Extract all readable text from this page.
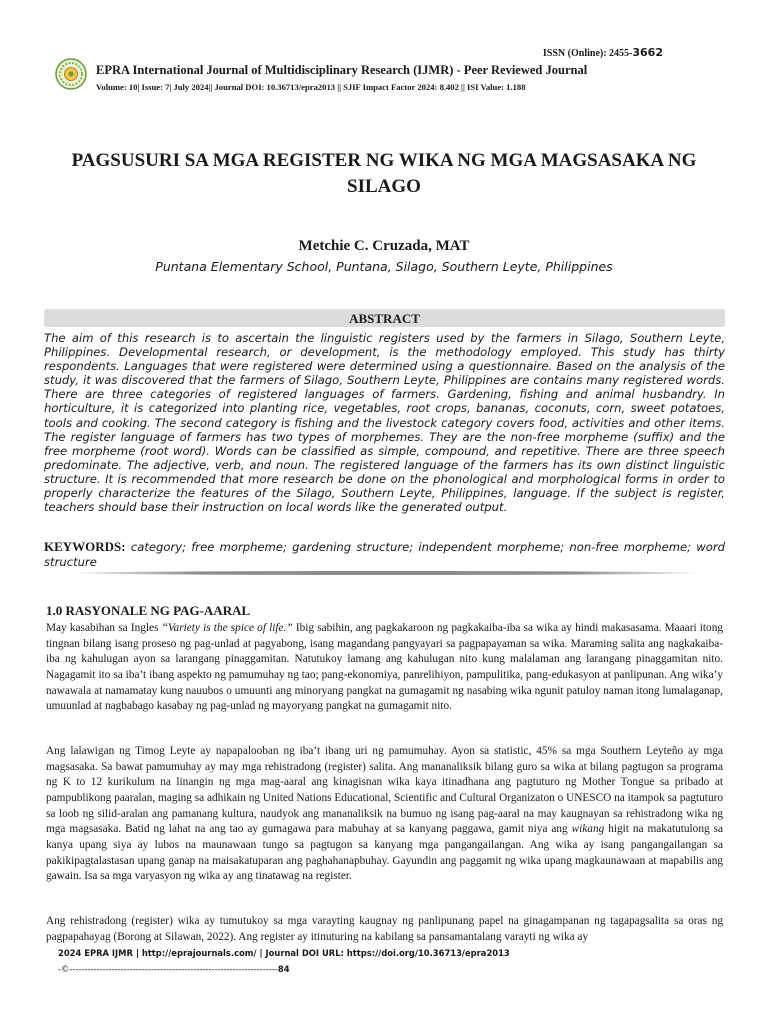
ISSN (Online): 2455-3662
EPRA International Journal of Multidisciplinary Research (IJMR) - Peer Reviewed Journal
Volume: 10| Issue: 7| July 2024|| Journal DOI: 10.36713/epra2013 || SJIF Impact Factor 2024: 8.402 || ISI Value: 1.188
PAGSUSURI SA MGA REGISTER NG WIKA NG MGA MAGSASAKA NG SILAGO
Metchie C. Cruzada, MAT
Puntana Elementary School, Puntana, Silago, Southern Leyte, Philippines
ABSTRACT
The aim of this research is to ascertain the linguistic registers used by the farmers in Silago, Southern Leyte, Philippines. Developmental research, or development, is the methodology employed. This study has thirty respondents. Languages that were registered were determined using a questionnaire. Based on the analysis of the study, it was discovered that the farmers of Silago, Southern Leyte, Philippines are contains many registered words. There are three categories of registered languages of farmers. Gardening, fishing and animal husbandry. In horticulture, it is categorized into planting rice, vegetables, root crops, bananas, coconuts, corn, sweet potatoes, tools and cooking. The second category is fishing and the livestock category covers food, activities and other items. The register language of farmers has two types of morphemes. They are the non-free morpheme (suffix) and the free morpheme (root word). Words can be classified as simple, compound, and repetitive. There are three speech predominate. The adjective, verb, and noun. The registered language of the farmers has its own distinct linguistic structure. It is recommended that more research be done on the phonological and morphological forms in order to properly characterize the features of the Silago, Southern Leyte, Philippines, language. If the subject is register, teachers should base their instruction on local words like the generated output.
KEYWORDS: category; free morpheme; gardening structure; independent morpheme; non-free morpheme; word structure
1.0 RASYONALE NG PAG-AARAL
May kasabihan sa Ingles “Variety is the spice of life.” Ibig sabihin, ang pagkakaroon ng pagkakaiba-iba sa wika ay hindi makasasama. Maaari itong tingnan bilang isang proseso ng pag-unlad at pagyabong, isang magandang pangyayari sa pagpapayaman sa wika. Maraming salita ang nagkakaiba-iba ng kahulugan ayon sa larangang pinaggamitan. Natutukoy lamang ang kahulugan nito kung malalaman ang larangang pinaggamitan nito. Nagagamit ito sa iba’t ibang aspekto ng pamumuhay ng tao; pang-ekonomiya, panrelihiyon, pampulitika, pang-edukasyon at panlipunan. Ang wika’y nawawala at namamatay kung nauubos o umuunti ang minoryang pangkat na gumagamit ng nasabing wika ngunit patuloy naman itong lumalaganap, umuunlad at nagbabago kasabay ng pag-unlad ng mayoryang pangkat na gumagamit nito.
Ang lalawigan ng Timog Leyte ay napapalooban ng iba’t ibang uri ng pamumuhay. Ayon sa statistic, 45% sa mga Southern Leyteño ay mga magsasaka. Sa bawat pamumuhay ay may mga rehistradong (register) salita. Ang mananaliksik bilang guro sa wika at bilang pagtugon sa programa ng K to 12 kurikulum na linangin ng mga mag-aaral ang kinagisnan wika kaya itinadhana ang pagtuturo ng Mother Tongue sa pribado at pampublikong paaralan, maging sa adhikain ng United Nations Educational, Scientific and Cultural Organizaton o UNESCO na itampok sa pagtuturo sa loob ng silid-aralan ang pamanang kultura, naudyok ang mananaliksik na bumuo ng isang pag-aaral na may kaugnayan sa rehistradong wika ng mga magsasaka. Batid ng lahat na ang tao ay gumagawa para mabuhay at sa kanyang paggawa, gamit niya ang wikang higit na makatutulong sa kanya upang siya ay lubos na maunawaan tungo sa pagtugon sa kanyang mga pangangailangan. Ang wika ay isang pangangailangan sa pakikipagtalastasan upang ganap na maisakatuparan ang paghahanapbuhay. Gayundin ang paggamit ng wika upang magkaunawaan at mapabilis ang gawain. Isa sa mga varyasyon ng wika ay ang tinatawag na register.
Ang rehistradong (register) wika ay tumutukoy sa mga varayting kaugnay ng panlipunang papel na ginagampanan ng tagapagsalita sa oras ng pagpapahayag (Borong at Silawan, 2022). Ang register ay itinuturing na kabilang sa pansamantalang varayti ng wika ay
2024 EPRA IJMR | http://eprajournals.com/ | Journal DOI URL: https://doi.org/10.36713/epra2013
-©---------------------------------------------------------------------84
